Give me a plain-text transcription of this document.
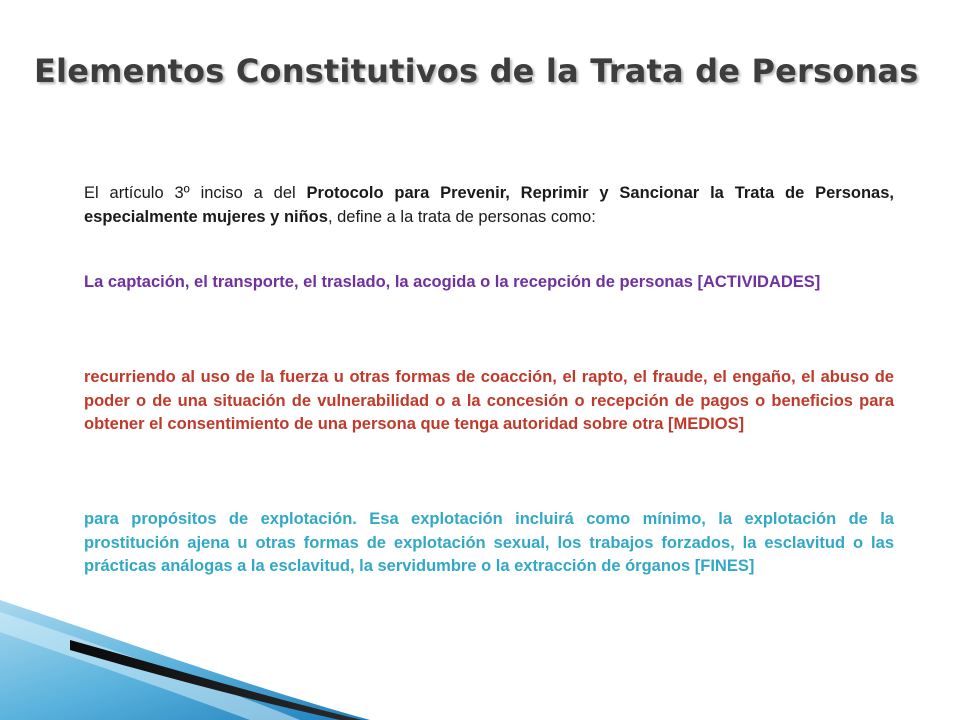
Elementos Constitutivos de la Trata de Personas

El artículo 3º inciso a del Protocolo para Prevenir, Reprimir y Sancionar la Trata de Personas, especialmente mujeres y niños, define a la trata de personas como:

La captación, el transporte, el traslado, la acogida o la recepción de personas [ACTIVIDADES]

recurriendo al uso de la fuerza u otras formas de coacción, el rapto, el fraude, el engaño, el abuso de poder o de una situación de vulnerabilidad o a la concesión o recepción de pagos o beneficios para obtener el consentimiento de una persona que tenga autoridad sobre otra [MEDIOS]

para propósitos de explotación. Esa explotación incluirá como mínimo, la explotación de la prostitución ajena u otras formas de explotación sexual, los trabajos forzados, la esclavitud o las prácticas análogas a la esclavitud, la servidumbre o la extracción de órganos [FINES]
